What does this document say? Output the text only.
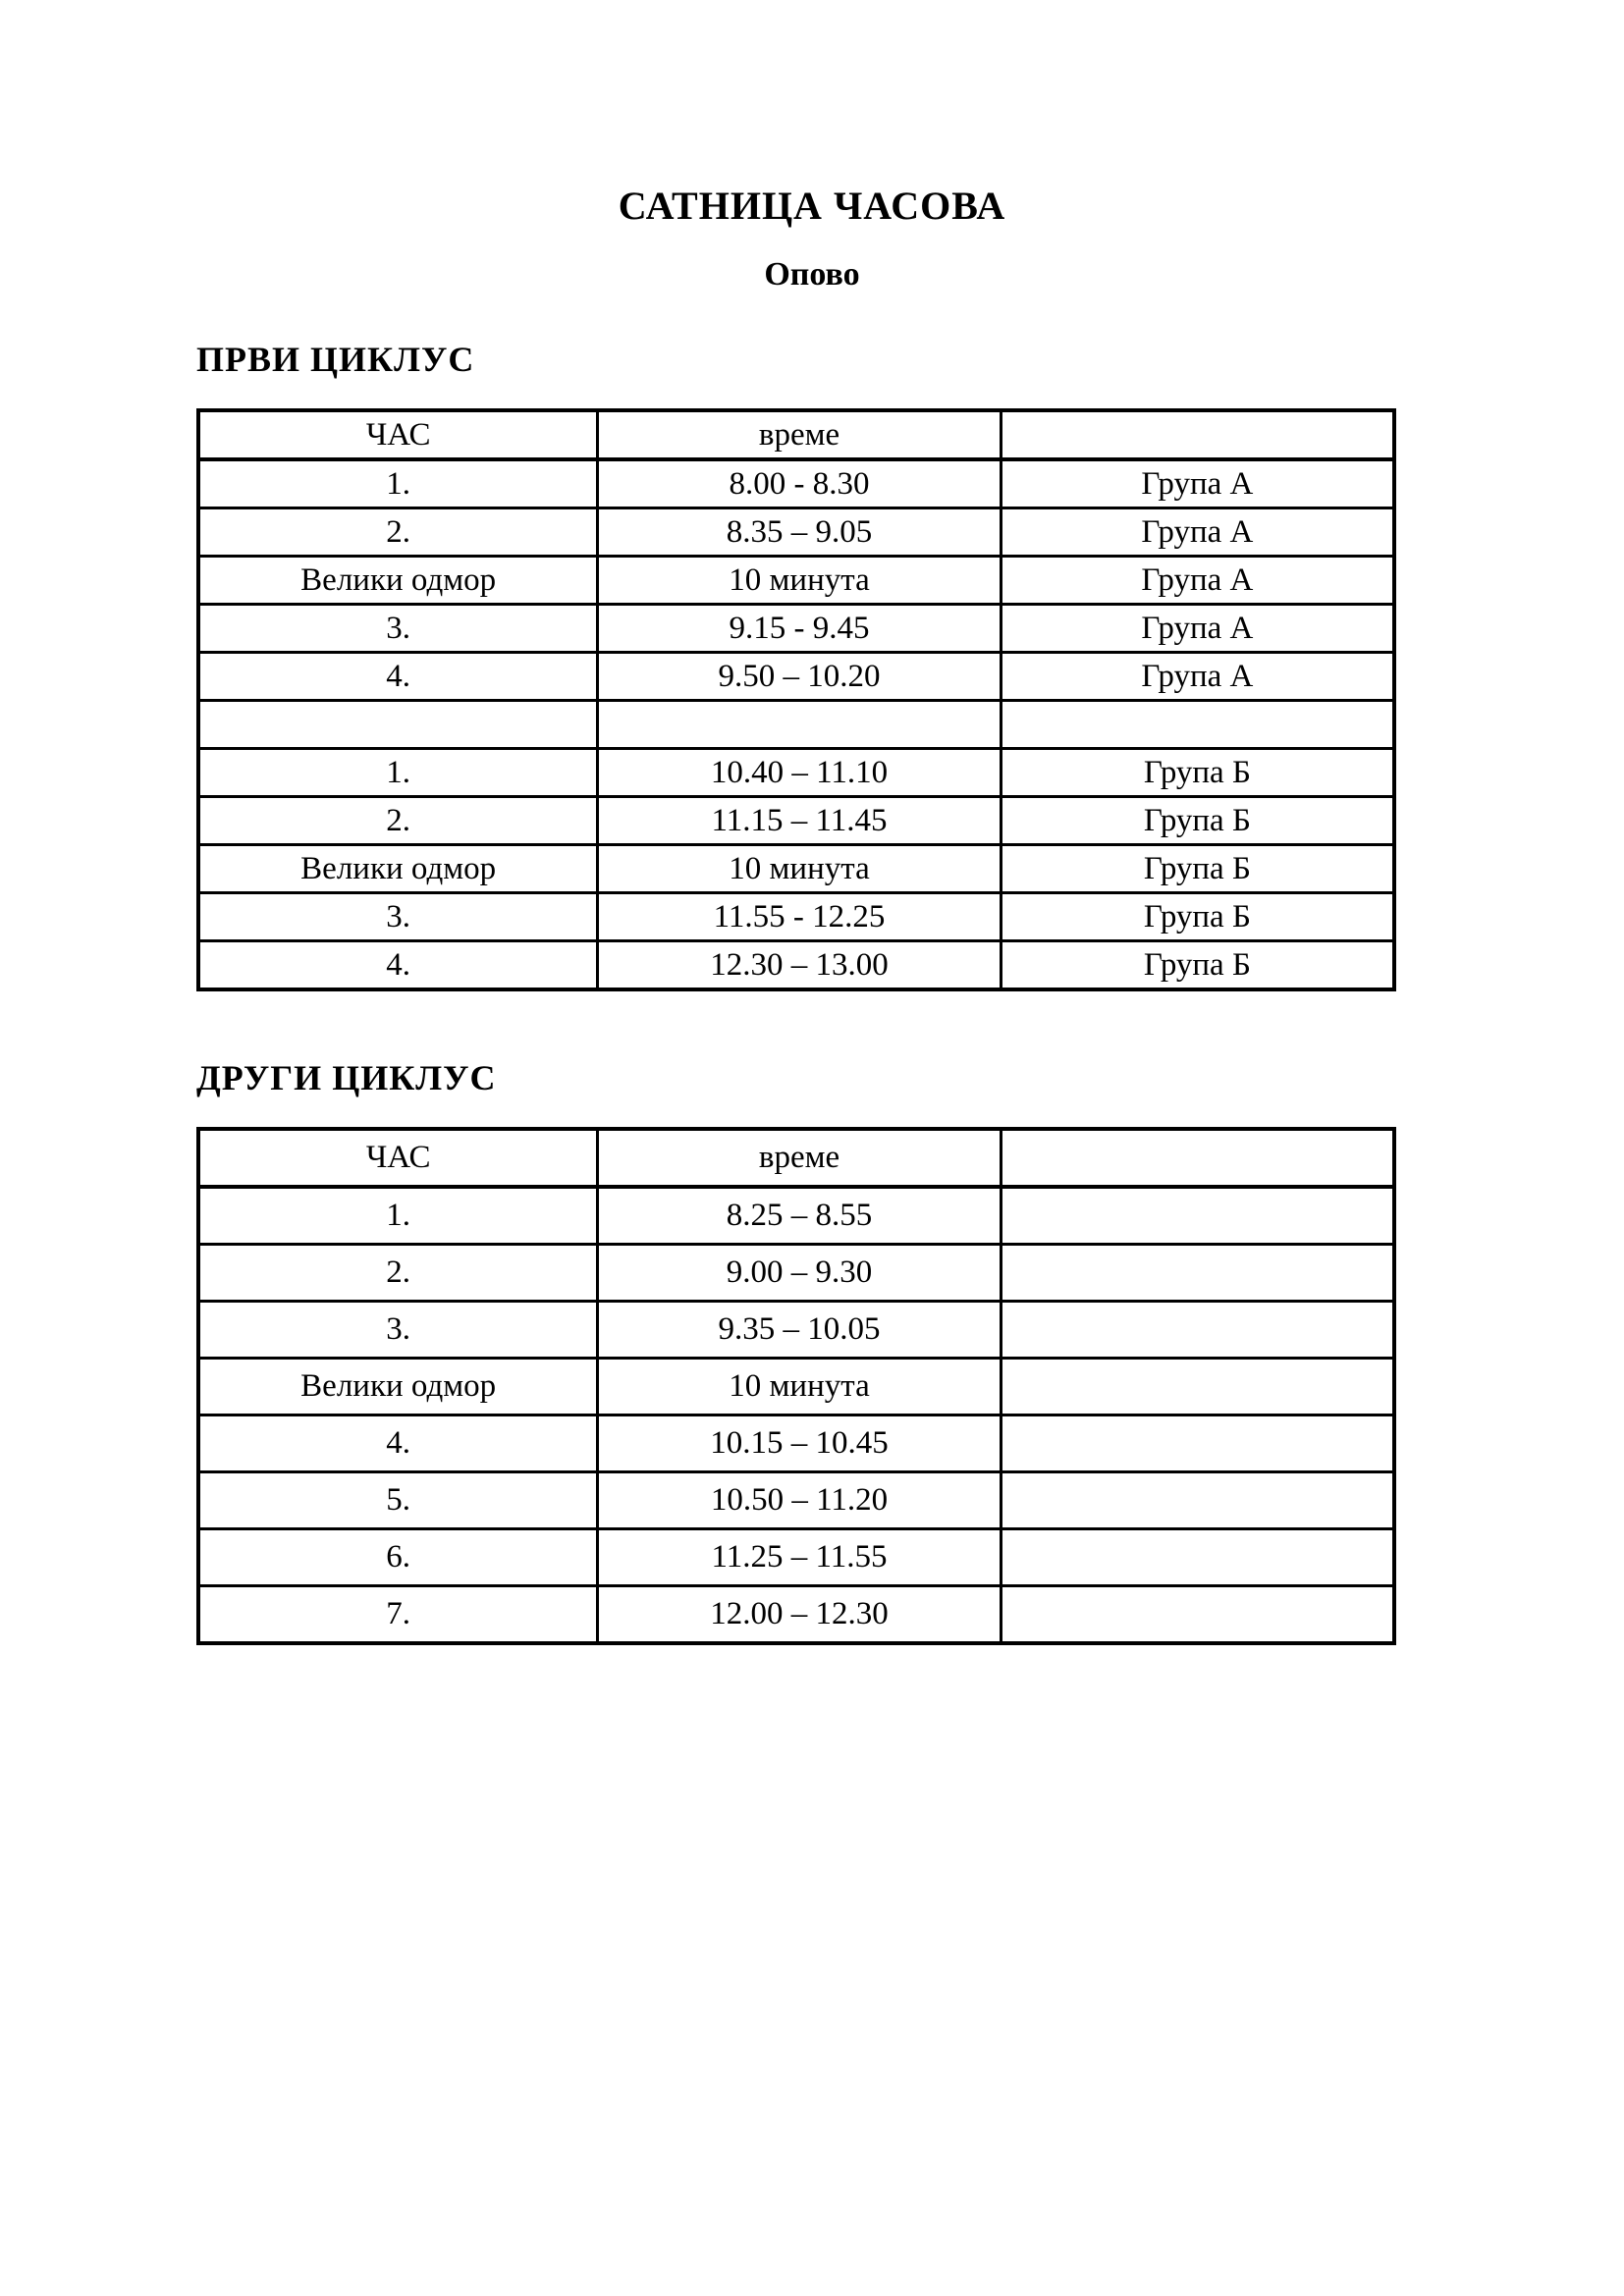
САТНИЦА ЧАСОВА
Опово
ПРВИ ЦИКЛУС
ЧАС	време	
1.	8.00 - 8.30	Група А
2.	8.35 – 9.05	Група А
Велики одмор	10 минута	Група А
3.	9.15 - 9.45	Група А
4.	9.50 – 10.20	Група А

1.	10.40 – 11.10	Група Б
2.	11.15 – 11.45	Група Б
Велики одмор	10 минута	Група Б
3.	11.55 - 12.25	Група Б
4.	12.30 – 13.00	Група Б
ДРУГИ ЦИКЛУС
ЧАС	време	
1.	8.25 – 8.55	
2.	9.00 – 9.30	
3.	9.35 – 10.05	
Велики одмор	10 минута	
4.	10.15 – 10.45	
5.	10.50 – 11.20	
6.	11.25 – 11.55	
7.	12.00 – 12.30	
